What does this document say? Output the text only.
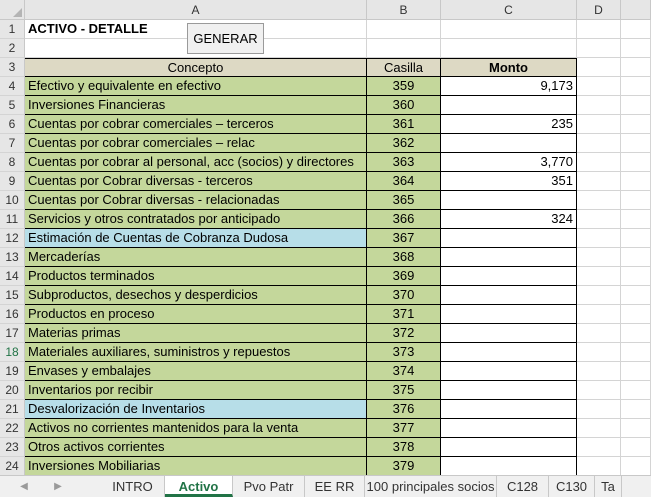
A	B	C	D
1 ACTIVO - DETALLE
2
3	Concepto	Casilla	Monto
4 Efectivo y equivalente en efectivo	359	9,173
5 Inversiones Financieras	360
6 Cuentas por cobrar comerciales – terceros	361	235
7 Cuentas por cobrar comerciales – relac	362
8 Cuentas por cobrar al personal, acc (socios) y directores	363	3,770
9 Cuentas por Cobrar diversas - terceros	364	351
10 Cuentas por Cobrar diversas - relacionadas	365
11 Servicios y otros contratados por anticipado	366	324
12 Estimación de Cuentas de Cobranza Dudosa	367
13 Mercaderías	368
14 Productos terminados	369
15 Subproductos, desechos y desperdicios	370
16 Productos en proceso	371
17 Materias primas	372
18 Materiales auxiliares, suministros y repuestos	373
19 Envases y embalajes	374
20 Inventarios por recibir	375
21 Desvalorización de Inventarios	376
22 Activos no corrientes mantenidos para la venta	377
23 Otros activos corrientes	378
24 Inversiones Mobiliarias	379
GENERAR
◀	▶	INTRO	Activo	Pvo Patr	EE RR 100 principales socios C128	C130	Ta
